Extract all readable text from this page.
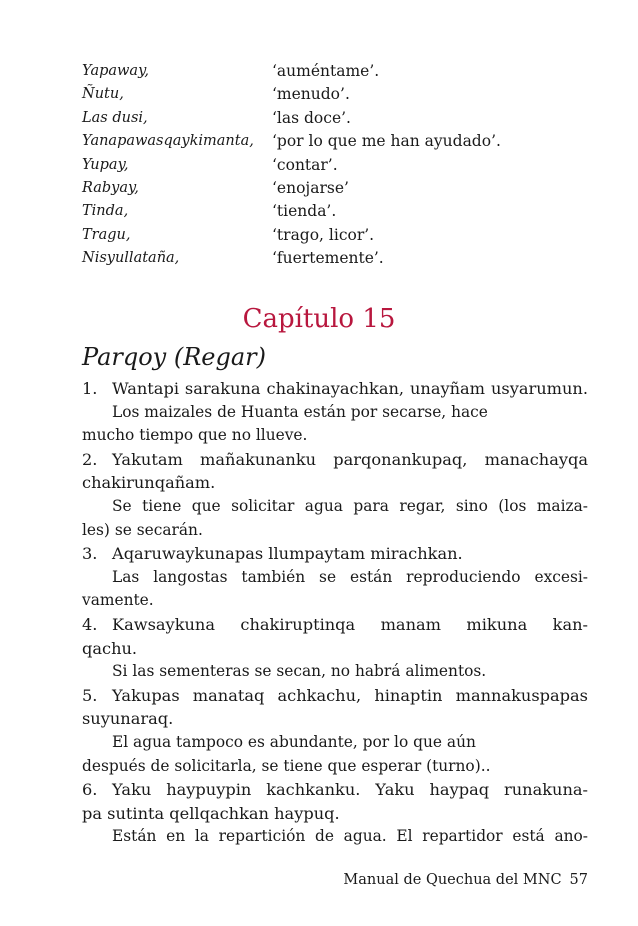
Yapaway,	‘auméntame’.
Ñutu,	‘menudo’.
Las dusi,	‘las doce’.
Yanapawasqaykimanta, ‘por lo que me han ayudado’.
Yupay,	‘contar’.
Rabyay,	‘enojarse’
Tinda,	‘tienda’.
Tragu,	‘trago, licor’.
Nisyullataña,	‘fuertemente’.
Capítulo 15
Parqoy (Regar)
1. Wantapi sarakuna chakinayachkan, unayñam usyarumun.
Los maizales de Huanta están por secarse, hace
mucho tiempo que no llueve.
2. Yakutam mañakunanku parqonankupaq, manachayqa
chakirunqañam.
Se tiene que solicitar agua para regar, sino (los maiza-
les) se secarán.
3. Aqaruwaykunapas llumpaytam mirachkan.
Las langostas también se están reproduciendo excesi-
vamente.
4. Kawsaykuna chakiruptinqa manam mikuna kan-
qachu.
Si las sementeras se secan, no habrá alimentos.
5. Yakupas manataq achkachu, hinaptin mannakuspapas
suyunaraq.
El agua tampoco es abundante, por lo que aún
después de solicitarla, se tiene que esperar (turno)..
6. Yaku haypuypin kachkanku. Yaku haypaq runakuna-
pa sutinta qellqachkan haypuq.
Están en la repartición de agua. El repartidor está ano-
Manual de Quechua del MNC 57
